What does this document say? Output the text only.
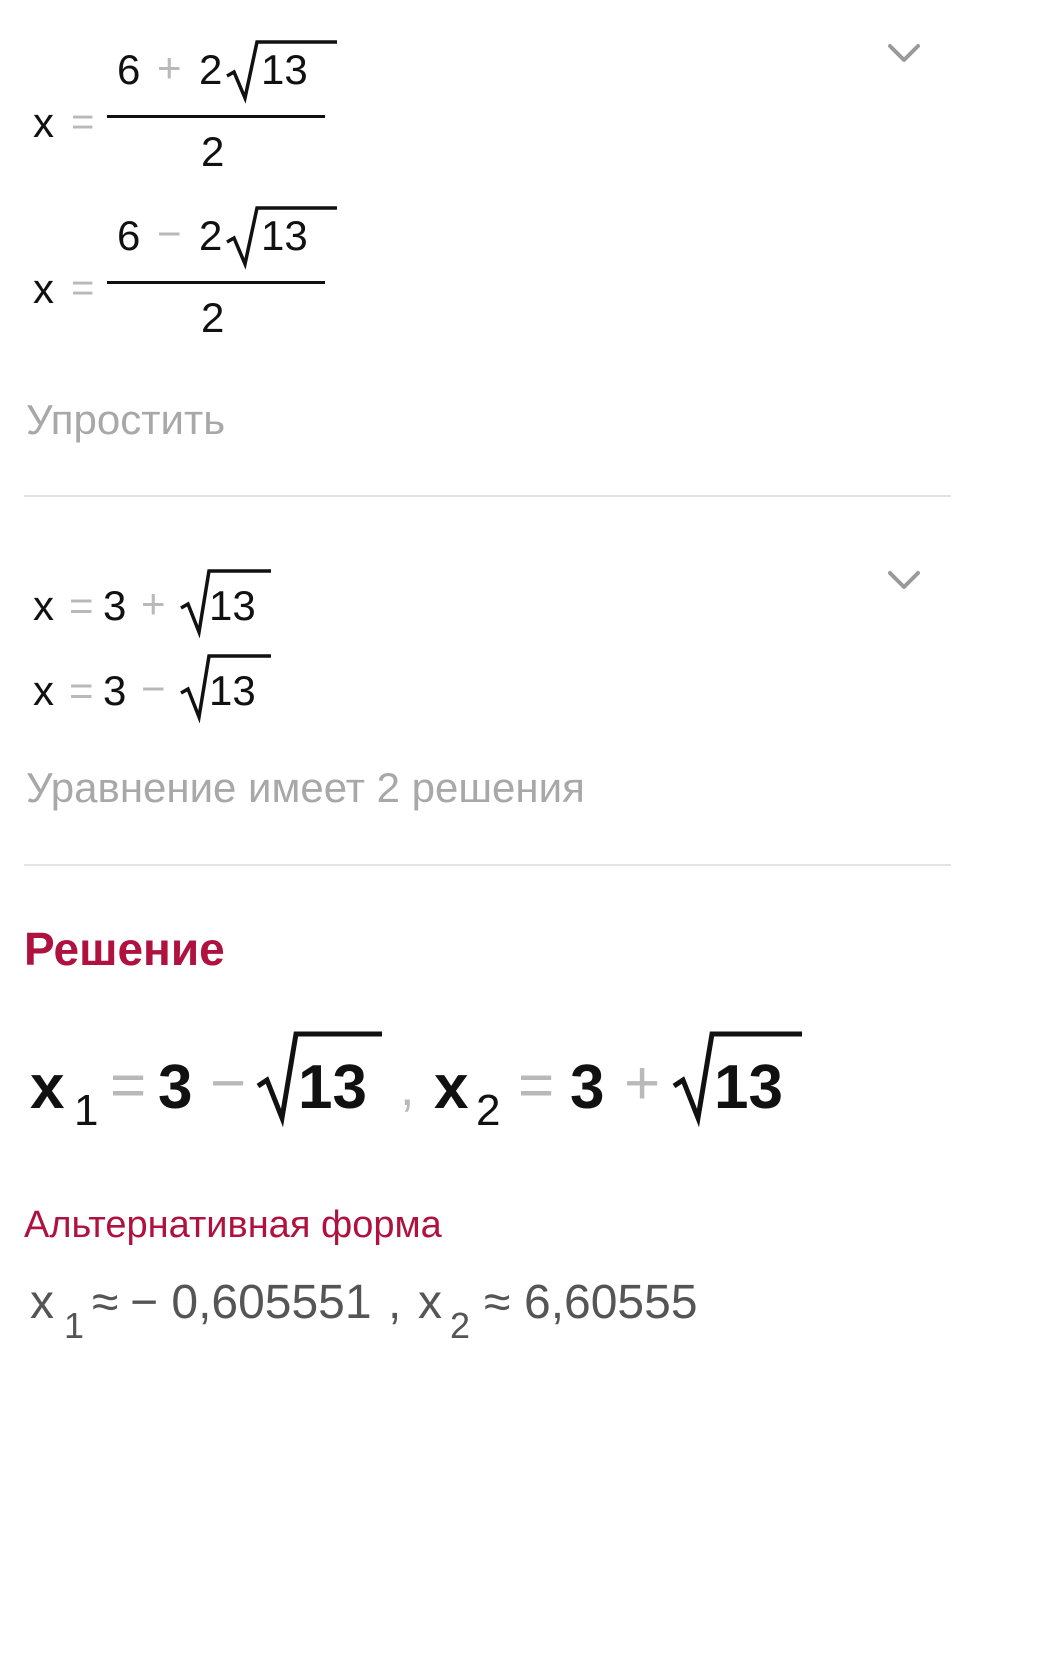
x =
6 + 2 13
2
x =
6 − 2 13
2
Упростить
x = 3 + 13
x = 3 − 13
Уравнение имеет 2 решения
Решение
x 1 = 3 − 13 , x 2 = 3 + 13
Альтернативная форма
x 1 ≈ − 0,605551 , x 2 ≈ 6,60555
